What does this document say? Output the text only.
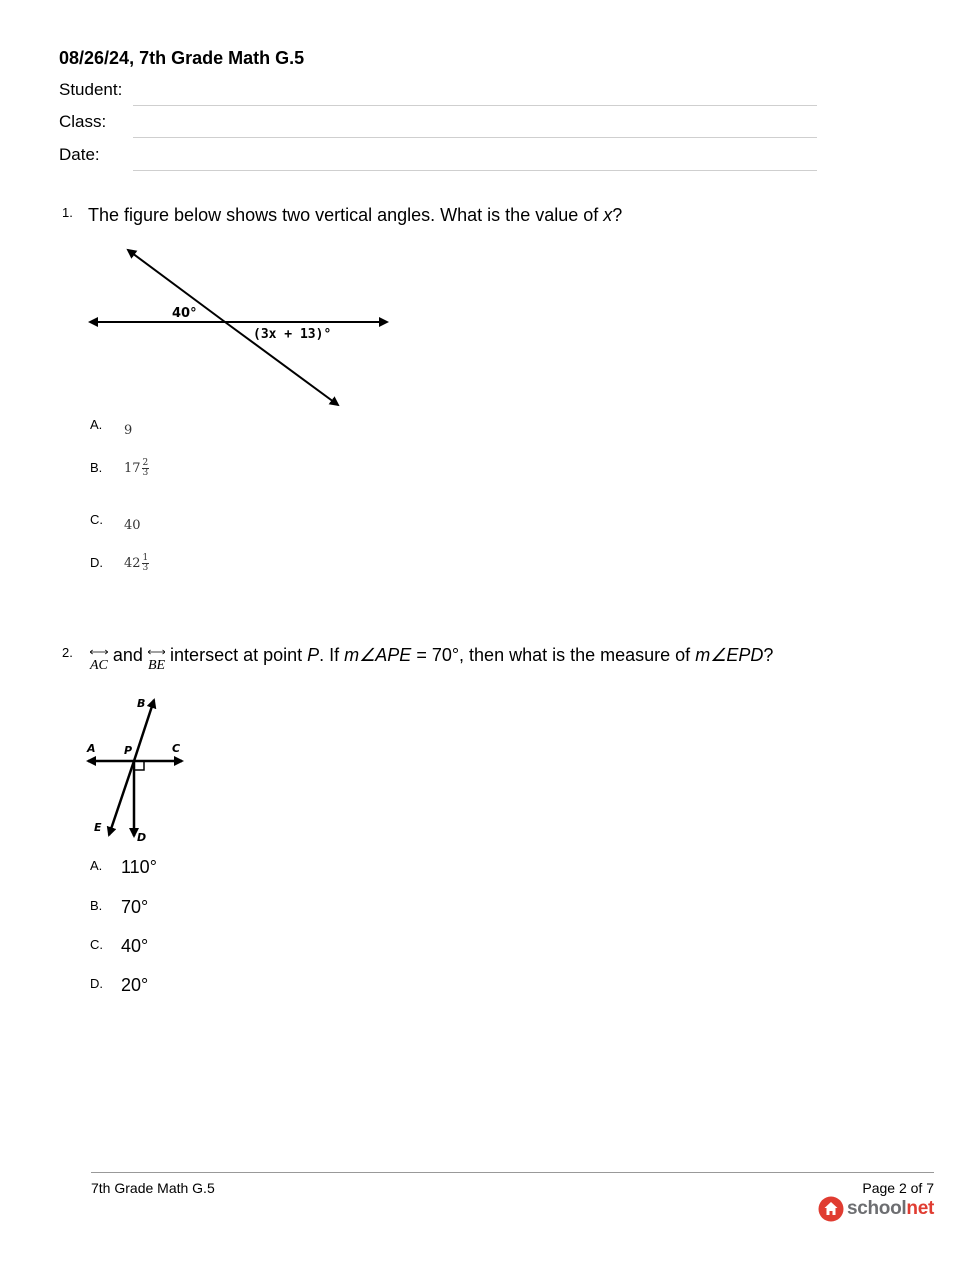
08/26/24, 7th Grade Math G.5
Student:
Class:
Date:
1. The figure below shows two vertical angles. What is the value of x?
40°
(3x + 13)°
A. 9
B. $17 \frac{2}{3}$
C. 40
D. $42 \frac{1}{3}$
2.
AC and
BE intersect at point P. If m∠APE = 70°, then what is the measure of m∠EPD?
B
A	P	C
E
D
A. 110°
B. 70°
C. 40°
D. 20°
7th Grade Math G.5	Page 2 of 7
schoolnet
